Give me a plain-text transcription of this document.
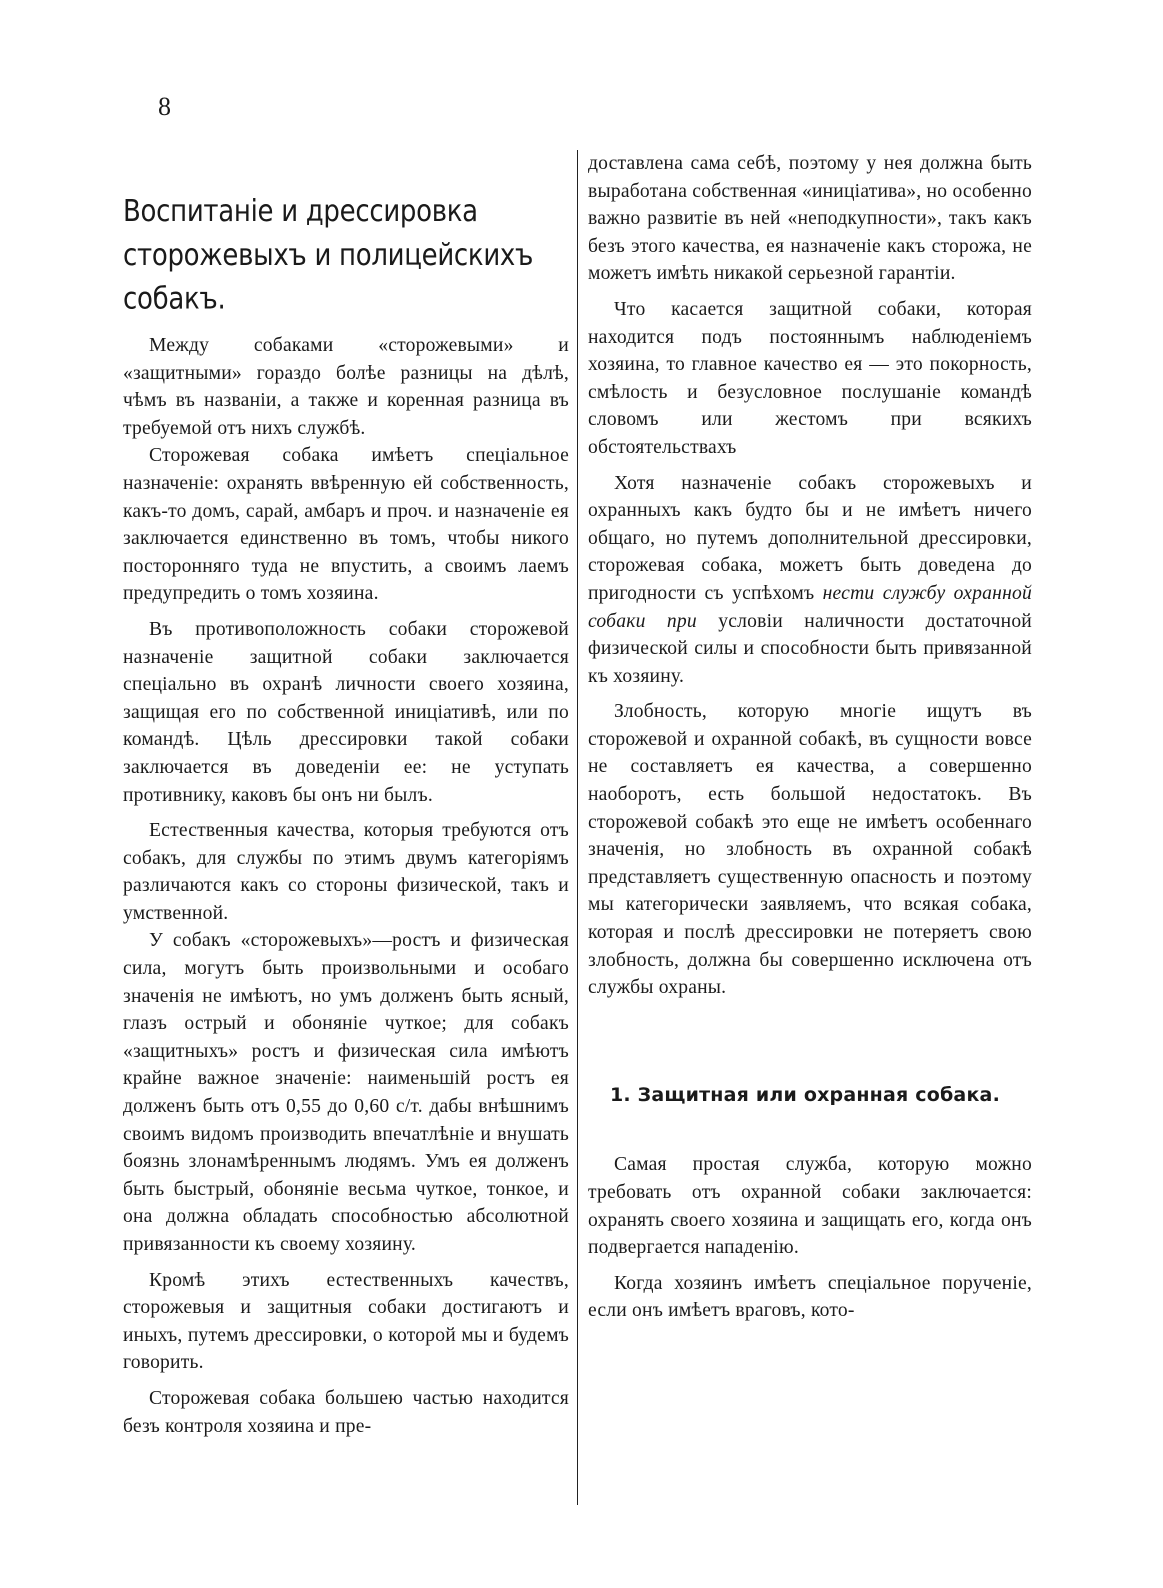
8
Воспитаніе и дрессировка сторожевыхъ и полицейскихъ собакъ.

Между собаками «сторожевыми» и «защитными» гораздо болѣе разницы на дѣлѣ, чѣмъ въ названіи, а также и коренная разница въ требуемой отъ нихъ службѣ.

Сторожевая собака имѣетъ спеціальное назначеніе: охранять ввѣренную ей собственность, какъ-то домъ, сарай, амбаръ и проч. и назначеніе ея заключается единственно въ томъ, чтобы никого посторонняго туда не впустить, а своимъ лаемъ предупредить о томъ хозяина.

Въ противоположность собаки сторожевой назначеніе защитной собаки заключается спеціально въ охранѣ личности своего хозяина, защищая его по собственной иниціативѣ, или по командѣ. Цѣль дрессировки такой собаки заключается въ доведеніи ее: не уступать противнику, каковъ бы онъ ни былъ.

Естественныя качества, которыя требуются отъ собакъ, для службы по этимъ двумъ категоріямъ различаются какъ со стороны физической, такъ и умственной.

У собакъ «сторожевыхъ»—ростъ и физическая сила, могутъ быть произвольными и особаго значенія не имѣютъ, но умъ долженъ быть ясный, глазъ острый и обоняніе чуткое; для собакъ «защитныхъ» ростъ и физическая сила имѣютъ крайне важное значеніе: наименьшій ростъ ея долженъ быть отъ 0,55 до 0,60 с/т. дабы внѣшнимъ своимъ видомъ производить впечатлѣніе и внушать боязнь злонамѣреннымъ людямъ. Умъ ея долженъ быть быстрый, обоняніе весьма чуткое, тонкое, и она должна обладать способностью абсолютной привязанности къ своему хозяину.

Кромѣ этихъ естественныхъ качествъ, сторожевыя и защитныя собаки достигаютъ и иныхъ, путемъ дрессировки, о которой мы и будемъ говорить.

Сторожевая собака большею частью находится безъ контроля хозяина и пре-

доставлена сама себѣ, поэтому у нея должна быть выработана собственная «иниціатива», но особенно важно развитіе въ ней «неподкупности», такъ какъ безъ этого качества, ея назначеніе какъ сторожа, не можетъ имѣть никакой серьезной гарантіи.

Что касается защитной собаки, которая находится подъ постояннымъ наблюденіемъ хозяина, то главное качество ея — это покорность, смѣлость и безусловное послушаніе командѣ словомъ или жестомъ при всякихъ обстоятельствахъ

Хотя назначеніе собакъ сторожевыхъ и охранныхъ какъ будто бы и не имѣетъ ничего общаго, но путемъ дополнительной дрессировки, сторожевая собака, можетъ быть доведена до пригодности съ успѣхомъ нести службу охранной собаки при условіи наличности достаточной физической силы и способности быть привязанной къ хозяину.

Злобность, которую многіе ищутъ въ сторожевой и охранной собакѣ, въ сущности вовсе не составляетъ ея качества, а совершенно наоборотъ, есть большой недостатокъ. Въ сторожевой собакѣ это еще не имѣетъ особеннаго значенія, но злобность въ охранной собакѣ представляетъ существенную опасность и поэтому мы категорически заявляемъ, что всякая собака, которая и послѣ дрессировки не потеряетъ свою злобность, должна бы совершенно исключена отъ службы охраны.

1. Защитная или охранная собака.

Самая простая служба, которую можно требовать отъ охранной собаки заключается: охранять своего хозяина и защищать его, когда онъ подвергается нападенію.

Когда хозяинъ имѣетъ спеціальное порученіе, если онъ имѣетъ враговъ, кото-
